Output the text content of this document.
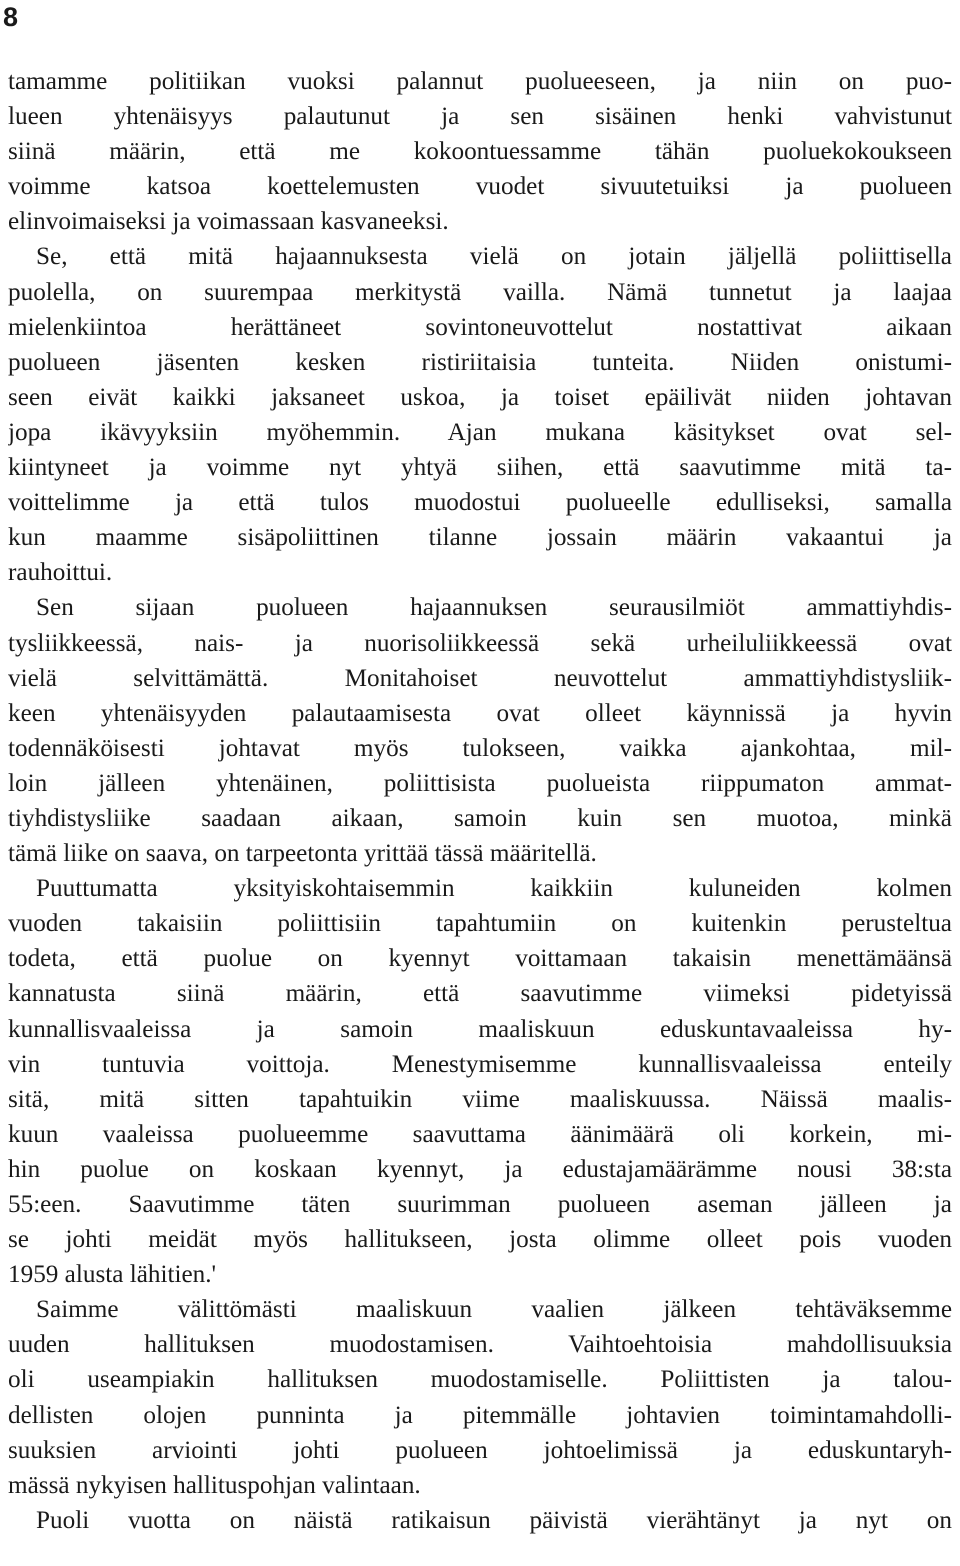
8
tamamme politiikan vuoksi palannut puolueeseen, ja niin on puo-
lueen yhtenäisyys palautunut ja sen sisäinen henki vahvistunut
siinä määrin, että me kokoontuessamme tähän puoluekokoukseen
voimme katsoa koettelemusten vuodet sivuutetuiksi ja puolueen
elinvoimaiseksi ja voimassaan kasvaneeksi.
Se, että mitä hajaannuksesta vielä on jotain jäljellä poliittisella
puolella, on suurempaa merkitystä vailla. Nämä tunnetut ja laajaa
mielenkiintoa herättäneet sovintoneuvottelut nostattivat aikaan
puolueen jäsenten kesken ristiriitaisia tunteita. Niiden onistumi-
seen eivät kaikki jaksaneet uskoa, ja toiset epäilivät niiden johtavan
jopa ikävyyksiin myöhemmin. Ajan mukana käsitykset ovat sel-
kiintyneet ja voimme nyt yhtyä siihen, että saavutimme mitä ta-
voittelimme ja että tulos muodostui puolueelle edulliseksi, samalla
kun maamme sisäpoliittinen tilanne jossain määrin vakaantui ja
rauhoittui.
Sen sijaan puolueen hajaannuksen seurausilmiöt ammattiyhdis-
tysliikkeessä, nais- ja nuorisoliikkeessä sekä urheiluliikkeessä ovat
vielä selvittämättä. Monitahoiset neuvottelut ammattiyhdistysliik-
keen yhtenäisyyden palautaamisesta ovat olleet käynnissä ja hyvin
todennäköisesti johtavat myös tulokseen, vaikka ajankohtaa, mil-
loin jälleen yhtenäinen, poliittisista puolueista riippumaton ammat-
tiyhdistysliike saadaan aikaan, samoin kuin sen muotoa, minkä
tämä liike on saava, on tarpeetonta yrittää tässä määritellä.
Puuttumatta yksityiskohtaisemmin kaikkiin kuluneiden kolmen
vuoden takaisiin poliittisiin tapahtumiin on kuitenkin perusteltua
todeta, että puolue on kyennyt voittamaan takaisin menettämäänsä
kannatusta siinä määrin, että saavutimme viimeksi pidetyissä
kunnallisvaaleissa ja samoin maaliskuun eduskuntavaaleissa hy-
vin tuntuvia voittoja. Menestymisemme kunnallisvaaleissa enteily
sitä, mitä sitten tapahtuikin viime maaliskuussa. Näissä maalis-
kuun vaaleissa puolueemme saavuttama äänimäärä oli korkein, mi-
hin puolue on koskaan kyennyt, ja edustajamäärämme nousi 38:sta
55:een. Saavutimme täten suurimman puolueen aseman jälleen ja
se johti meidät myös hallitukseen, josta olimme olleet pois vuoden
1959 alusta lähitien.'
Saimme välittömästi maaliskuun vaalien jälkeen tehtäväksemme
uuden hallituksen muodostamisen. Vaihtoehtoisia mahdollisuuksia
oli useampiakin hallituksen muodostamiselle. Poliittisten ja talou-
dellisten olojen punninta ja pitemmälle johtavien toimintamahdolli-
suuksien arviointi johti puolueen johtoelimissä ja eduskuntaryh-
mässä nykyisen hallituspohjan valintaan.
Puoli vuotta on näistä ratikaisun päivistä vierähtänyt ja nyt on
